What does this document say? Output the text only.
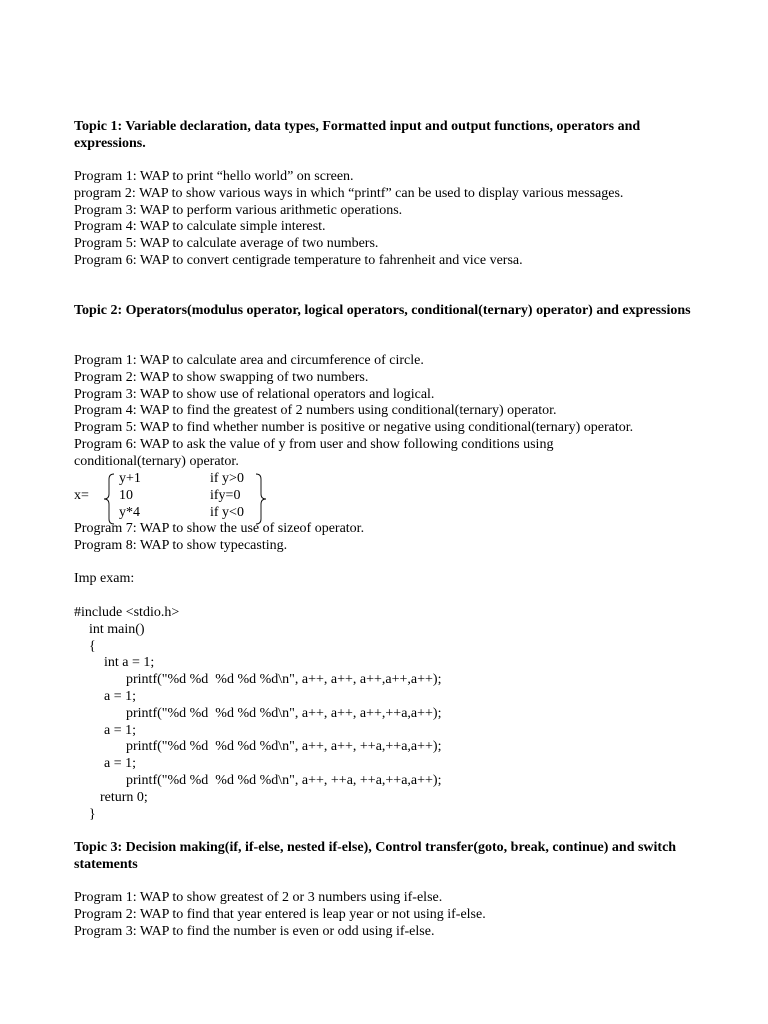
Topic 1: Variable declaration, data types, Formatted input and output functions, operators and expressions.
Program 1: WAP to print “hello world” on screen.
program 2: WAP to show various ways in which “printf” can be used to display various messages.
Program 3: WAP to perform various arithmetic operations.
Program 4: WAP to calculate simple interest.
Program 5: WAP to calculate average of two numbers.
Program 6: WAP to convert centigrade temperature to fahrenheit and vice versa.
Topic 2: Operators(modulus operator, logical operators, conditional(ternary) operator) and expressions
Program 1: WAP to calculate area and circumference of circle.
Program 2: WAP to show swapping of two numbers.
Program 3: WAP to show use of relational operators and logical.
Program 4: WAP to find the greatest of 2 numbers using conditional(ternary) operator.
Program 5: WAP to find whether number is positive or negative using conditional(ternary) operator.
Program 6: WAP to ask the value of y from user and show following conditions using
conditional(ternary) operator.
x=
y+1	if y>0
10	ify=0
y*4	if y<0
Program 7: WAP to show the use of sizeof operator.
Program 8: WAP to show typecasting.
Imp exam:
#include <stdio.h>
int main()
{
int a = 1;
printf("%d %d  %d %d %d\n", a++, a++, a++,a++,a++);
a = 1;
printf("%d %d  %d %d %d\n", a++, a++, a++,++a,a++);
a = 1;
printf("%d %d  %d %d %d\n", a++, a++, ++a,++a,a++);
a = 1;
printf("%d %d  %d %d %d\n", a++, ++a, ++a,++a,a++);
return 0;
}
Topic 3: Decision making(if, if-else, nested if-else), Control transfer(goto, break, continue) and switch statements
Program 1: WAP to show greatest of 2 or 3 numbers using if-else.
Program 2: WAP to find that year entered is leap year or not using if-else.
Program 3: WAP to find the number is even or odd using if-else.
